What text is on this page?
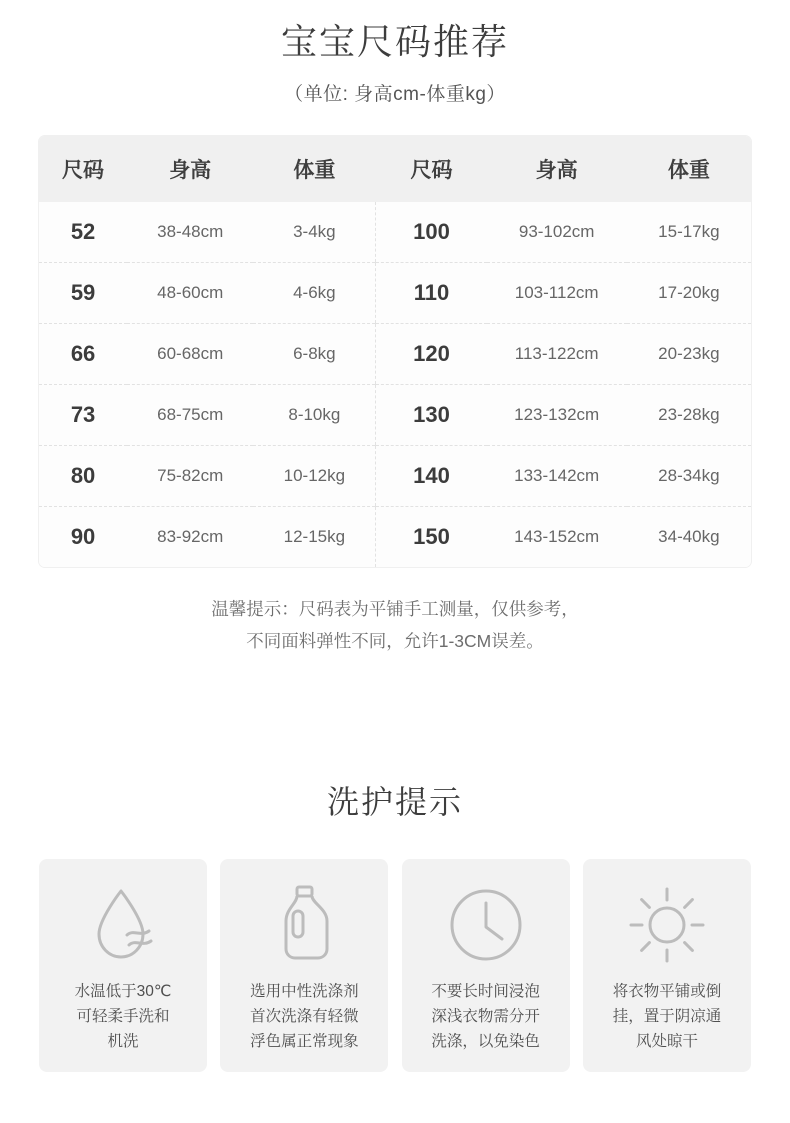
宝宝尺码推荐
（单位: 身高cm-体重kg）
尺码	身高	体重		尺码	身高	体重
52	38-48cm	3-4kg		100	93-102cm	15-17kg
59	48-60cm	4-6kg		110	103-112cm	17-20kg
66	60-68cm	6-8kg		120	113-122cm	20-23kg
73	68-75cm	8-10kg		130	123-132cm	23-28kg
80	75-82cm	10-12kg		140	133-142cm	28-34kg
90	83-92cm	12-15kg		150	143-152cm	34-40kg
温馨提示：尺码表为平铺手工测量，仅供参考，
不同面料弹性不同，允许1-3CM误差。
洗护提示
水温低于30℃
可轻柔手洗和
机洗
选用中性洗涤剂
首次洗涤有轻微
浮色属正常现象
不要长时间浸泡
深浅衣物需分开
洗涤，以免染色
将衣物平铺或倒
挂，置于阴凉通
风处晾干
